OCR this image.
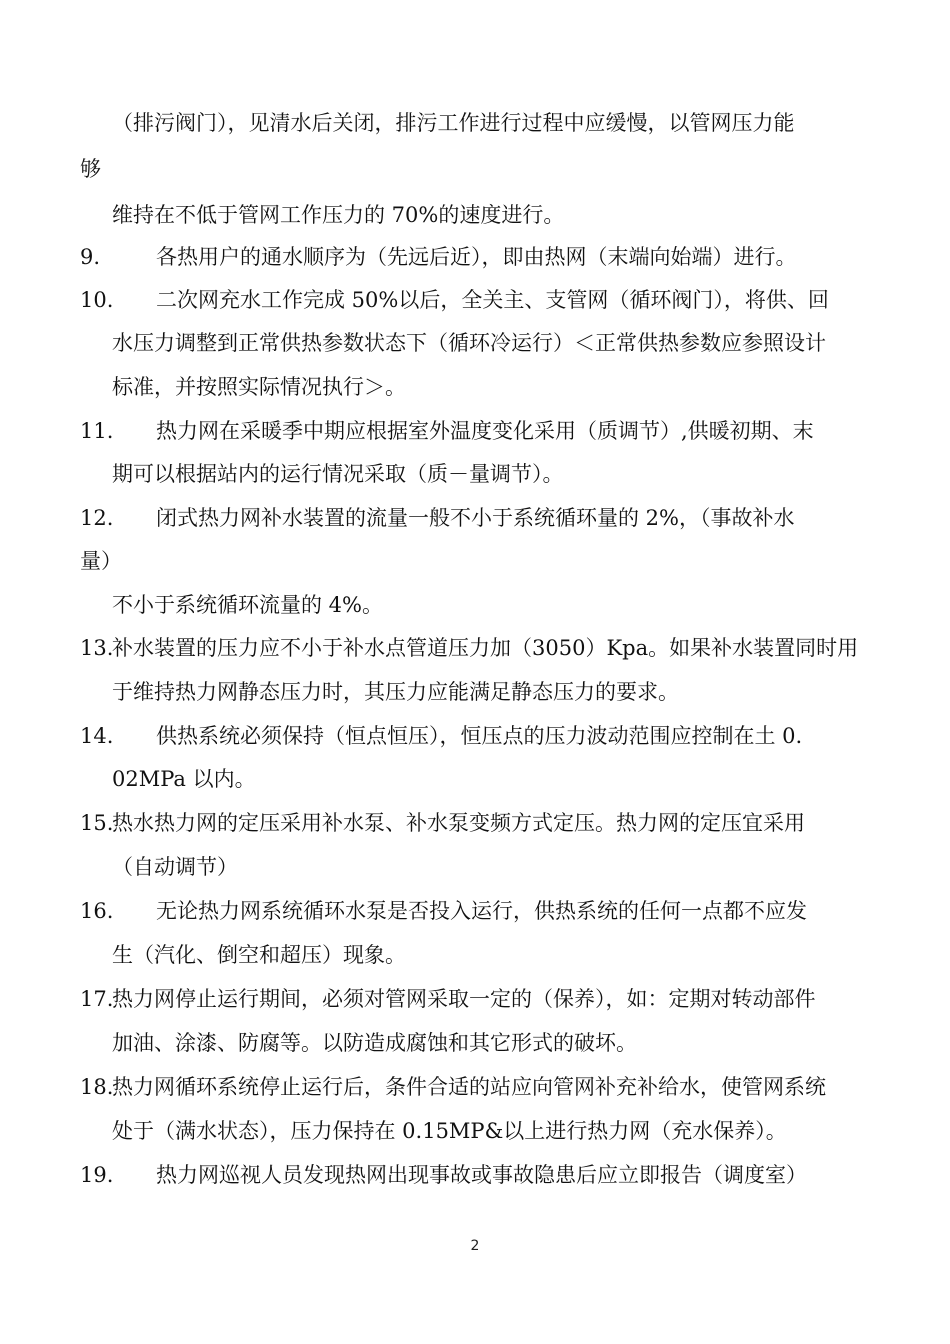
（排污阀门），见清水后关闭，排污工作进行过程中应缓慢，以管网压力能
够
维持在不低于管网工作压力的 70%的速度进行。
9.	各热用户的通水顺序为（先远后近），即由热网（末端向始端）进行。
10. 二次网充水工作完成 50%以后，全关主、支管网（循环阀门），将供、回
水压力调整到正常供热参数状态下（循环冷运行）＜正常供热参数应参照设计
标准，并按照实际情况执行＞。
11. 热力网在采暖季中期应根据室外温度变化采用（质调节）,供暖初期、末
期可以根据站内的运行情况采取（质－量调节）。
12. 闭式热力网补水装置的流量一般不小于系统循环量的 2%，（事故补水
量）
不小于系统循环流量的 4%。
13.
补水装置的压力应不小于补水点管道压力加（3050）Kpa。如果补水装置同时用
于维持热力网静态压力时，其压力应能满足静态压力的要求。
14. 供热系统必须保持（恒点恒压），恒压点的压力波动范围应控制在土 0.
02MPa 以内。
15.
热水热力网的定压采用补水泵、补水泵变频方式定压。热力网的定压宜采用
（自动调节）
16. 无论热力网系统循环水泵是否投入运行，供热系统的任何一点都不应发
生（汽化、倒空和超压）现象。
17.
热力网停止运行期间，必须对管网采取一定的（保养），如：定期对转动部件
加油、涂漆、防腐等。以防造成腐蚀和其它形式的破坏。
18.
热力网循环系统停止运行后，条件合适的站应向管网补充补给水，使管网系统
处于（满水状态），压力保持在 0.15MP&以上进行热力网（充水保养）。
19. 热力网巡视人员发现热网出现事故或事故隐患后应立即报告（调度室）
2
